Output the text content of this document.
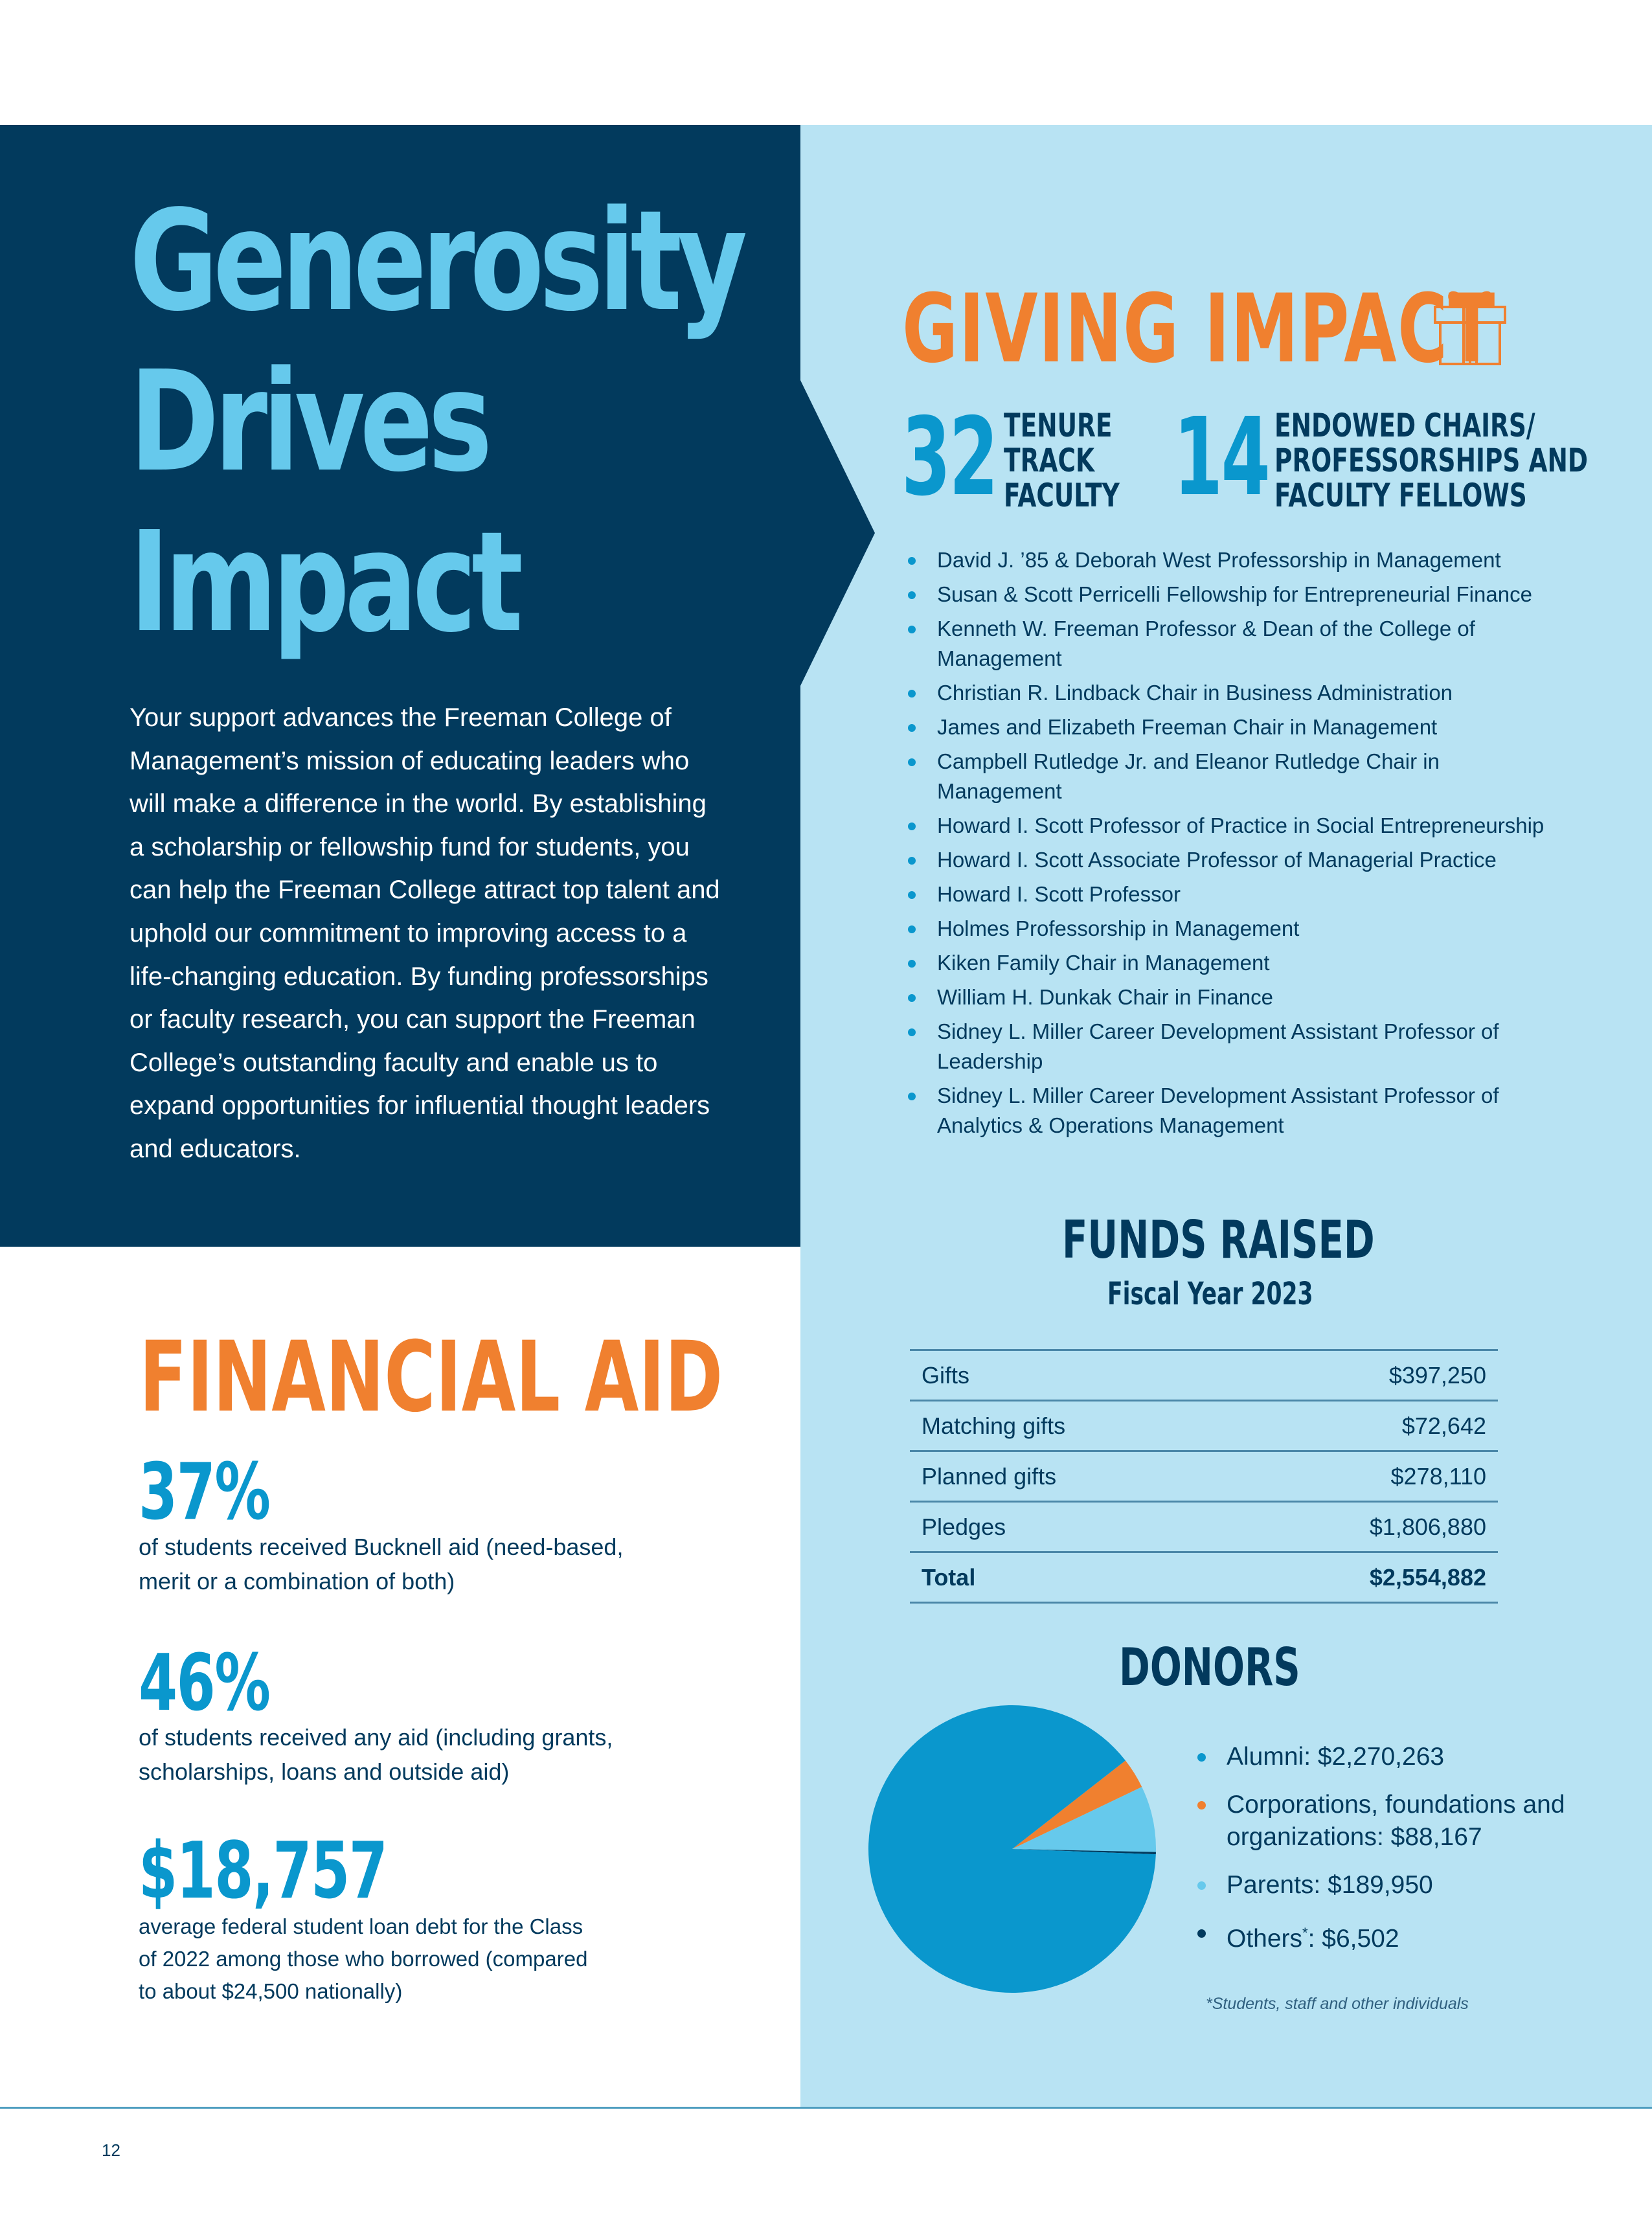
Generosity
Drives
Impact

Your support advances the Freeman College of Management’s mission of educating leaders who will make a difference in the world. By establishing a scholarship or fellowship fund for students, you can help the Freeman College attract top talent and uphold our commitment to improving access to a life-changing education. By funding professorships or faculty research, you can support the Freeman College’s outstanding faculty and enable us to expand opportunities for influential thought leaders and educators.

GIVING IMPACT
32 TENURE
TRACK
FACULTY 14 ENDOWED CHAIRS/
PROFESSORSHIPS AND
FACULTY FELLOWS
David J. ’85 & Deborah West Professorship in Management
Susan & Scott Perricelli Fellowship for Entrepreneurial Finance
Kenneth W. Freeman Professor & Dean of the College of Management
Christian R. Lindback Chair in Business Administration
James and Elizabeth Freeman Chair in Management
Campbell Rutledge Jr. and Eleanor Rutledge Chair in Management
Howard I. Scott Professor of Practice in Social Entrepreneurship
Howard I. Scott Associate Professor of Managerial Practice
Howard I. Scott Professor
Holmes Professorship in Management
Kiken Family Chair in Management
William H. Dunkak Chair in Finance
Sidney L. Miller Career Development Assistant Professor of Leadership
Sidney L. Miller Career Development Assistant Professor of Analytics & Operations Management
FUNDS RAISED
Fiscal Year 2023
Gifts	$397,250
Matching gifts	$72,642
Planned gifts	$278,110
Pledges	$1,806,880
Total	$2,554,882
DONORS
Alumni: $2,270,263
Corporations, foundations and organizations: $88,167
Parents: $189,950
Others*: $6,502
*Students, staff and other individuals
FINANCIAL AID
37%

of students received Bucknell aid (need-based, merit or a combination of both)

46%

of students received any aid (including grants, scholarships, loans and outside aid)

$18,757

average federal student loan debt for the Class of 2022 among those who borrowed (compared to about $24,500 nationally)

12
